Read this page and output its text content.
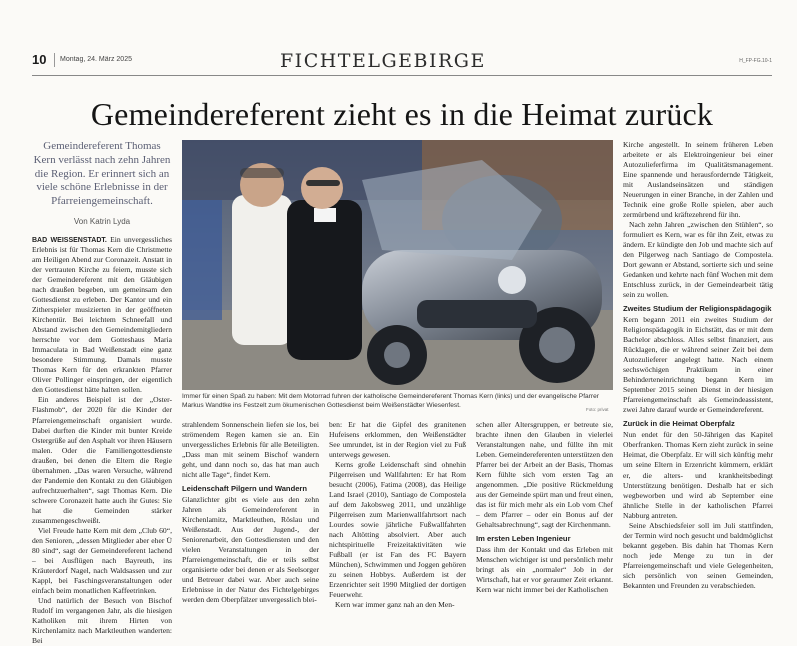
10 Montag, 24. März 2025	FICHTELGEBIRGE	H_FP-FG.10-1
Gemeindereferent zieht es in die Heimat zurück
Gemeindereferent Thomas Kern verlässt nach zehn Jahren die Region. Er erinnert sich an viele schöne Erlebnisse in der Pfarreiengemeinschaft.
Von Katrin Lyda

BAD WEISSENSTADT. Ein unvergessliches Erlebnis ist für Thomas Kern die Christmette am Heiligen Abend zur Coronazeit. Anstatt in der vertrauten Kirche zu feiern, musste sich der Gemeindereferent mit den Gläubigen nach draußen begeben, um gemeinsam den Gottesdienst zu erleben. Der Kantor und ein Zitherspieler musizierten in der geöffneten Kirchentür. Bei leichtem Schneefall und Abstand zwischen den Gemeindemitgliedern herrschte vor dem Gotteshaus Maria Immaculata in Bad Weißenstadt eine ganz besondere Stimmung. Damals musste Thomas Kern für den erkrankten Pfarrer Oliver Pollinger einspringen, der eigentlich den Gottesdienst hätte halten sollen.

Ein anderes Beispiel ist der „Oster-Flashmob“, der 2020 für die Kinder der Pfarreiengemeinschaft organisiert wurde. Dabei durften die Kinder mit bunter Kreide Ostergrüße auf den Asphalt vor ihren Häusern malen. Oder die Familiengottesdienste draußen, bei denen die Eltern die Regie übernahmen. „Das waren Versuche, während der Pandemie den Kontakt zu den Gläubigen aufrechtzuerhalten“, sagt Thomas Kern. Die schwere Coronazeit hatte auch ihr Gutes: Sie hat die Gemeinden stärker zusammengeschweißt.

Viel Freude hatte Kern mit dem „Club 60“, den Senioren, „dessen Mitglieder aber eher Ü 80 sind“, sagt der Gemeindereferent lachend – bei Ausflügen nach Bayreuth, ins Kräuterdorf Nagel, nach Waldsassen und zur Kappl, bei Faschingsveranstaltungen oder einfach beim monatlichen Kaffeetrinken.

Und natürlich der Besuch von Bischof Rudolf im vergangenen Jahr, als die hiesigen Katholiken mit ihrem Hirten von Kirchenlamitz nach Marktleuthen wanderten: Bei

Immer für einen Spaß zu haben: Mit dem Motorrad fuhren der katholische Gemeindereferent Thomas Kern (links) und der evangelische Pfarrer Markus Wandtke ins Festzelt zum ökumenischen Gottesdienst beim Weißenstädter Wiesenfest.
Foto: privat

strahlendem Sonnenschein liefen sie los, bei strömendem Regen kamen sie an. Ein unvergessliches Erlebnis für alle Beteiligten. „Dass man mit seinem Bischof wandern geht, und dann noch so, das hat man auch nicht alle Tage“, findet Kern.

Leidenschaft Pilgern und Wandern

Glanzlichter gibt es viele aus den zehn Jahren als Gemeindereferent in Kirchenlamitz, Marktleuthen, Röslau und Weißenstadt. Aus der Jugend-, der Seniorenarbeit, den Gottesdiensten und den vielen Veranstaltungen in der Pfarreiengemeinschaft, die er teils selbst organisierte oder bei denen er als Seelsorger und Betreuer dabei war. Aber auch seine Erlebnisse in der Natur des Fichtelgebirges werden dem Oberpfälzer unvergesslich blei-

ben: Er hat die Gipfel des granitenen Hufeisens erklommen, den Weißenstädter See umrundet, ist in der Region viel zu Fuß unterwegs gewesen.

Kerns große Leidenschaft sind ohnehin Pilgerreisen und Wallfahrten: Er hat Rom besucht (2006), Fatima (2008), das Heilige Land Israel (2010), Santiago de Compostela auf dem Jakobsweg 2011, und unzählige Pilgerreisen zum Marienwallfahrtsort nach Lourdes sowie jährliche Fußwallfahrten nach Altötting absolviert. Aber auch nichtspirituelle Freizeitaktivitäten wie Fußball (er ist Fan des FC Bayern München), Schwimmen und Joggen gehören zu seinen Hobbys. Außerdem ist der Erzenrichter seit 1990 Mitglied der dortigen Feuerwehr.

Kern war immer ganz nah an den Men-

schen aller Altersgruppen, er betreute sie, brachte ihnen den Glauben in vielerlei Veranstaltungen nahe, und füllte ihn mit Leben. Gemeindereferenten unterstützen den Pfarrer bei der Arbeit an der Basis, Thomas Kern fühlte sich vom ersten Tag an angenommen. „Die positive Rückmeldung aus der Gemeinde spürt man und freut einen, das ist für mich mehr als ein Lob vom Chef – dem Pfarrer – oder ein Bonus auf der Gehaltsabrechnung“, sagt der Kirchenmann.

Im ersten Leben Ingenieur

Dass ihm der Kontakt und das Erleben mit Menschen wichtiger ist und persönlich mehr bringt als ein „normaler“ Job in der Wirtschaft, hat er vor geraumer Zeit erkannt. Kern war nicht immer bei der Katholischen

Kirche angestellt. In seinem früheren Leben arbeitete er als Elektroingenieur bei einer Autozulieferfirma im Qualitätsmanagement. Eine spannende und herausfordernde Tätigkeit, mit Auslandseinsätzen und ständigen Neuerungen in einer Branche, in der Zahlen und Technik eine große Rolle spielen, aber auch zermürbend und kräftezehrend für ihn.

Nach zehn Jahren „zwischen den Stühlen“, so formuliert es Kern, war es für ihn Zeit, etwas zu ändern. Er kündigte den Job und machte sich auf den Pilgerweg nach Santiago de Compostela. Dort gewann er Abstand, sortierte sich und seine Gedanken und kehrte nach fünf Wochen mit dem Entschluss zurück, in der Gemeindearbeit tätig sein zu wollen.

Zweites Studium der Religionspädagogik

Kern begann 2011 ein zweites Studium der Religionspädagogik in Eichstätt, das er mit dem Bachelor abschloss. Alles selbst finanziert, aus Rücklagen, die er während seiner Zeit bei dem Autozulieferer angelegt hatte. Nach einem sechswöchigen Praktikum in einer Behinderteneinrichtung begann Kern im September 2015 seinen Dienst in der hiesigen Pfarreiengemeinschaft als Gemeindeassistent, zwei Jahre darauf wurde er Gemeindereferent.

Zurück in die Heimat Oberpfalz

Nun endet für den 50-Jährigen das Kapitel Oberfranken. Thomas Kern zieht zurück in seine Heimat, die Oberpfalz. Er will sich künftig mehr um seine Eltern in Erzenricht kümmern, erklärt er, die alters- und krankheitsbedingt Unterstützung benötigen. Deshalb hat er sich wegbeworben und wird ab September eine ähnliche Stelle in der katholischen Pfarrei Nabburg antreten.

Seine Abschiedsfeier soll im Juli stattfinden, der Termin wird noch gesucht und baldmöglichst bekannt gegeben. Bis dahin hat Thomas Kern noch jede Menge zu tun in der Pfarreiengemeinschaft und viele Gelegenheiten, sich persönlich von seinen Gemeinden, Bekannten und Freunden zu verabschieden.
